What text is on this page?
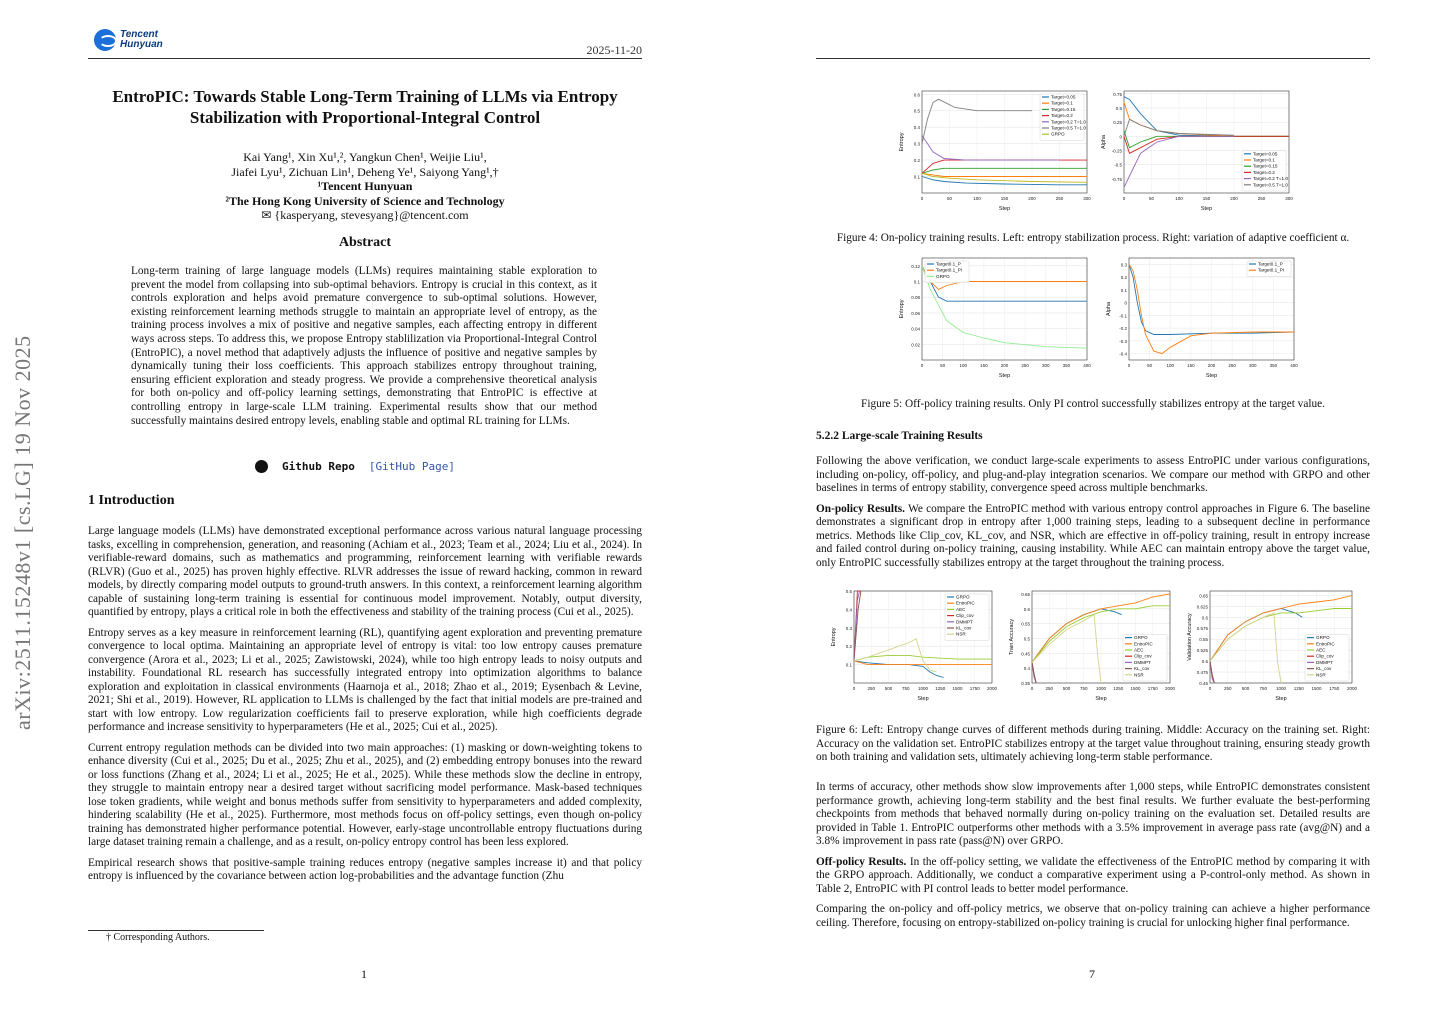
arXiv:2511.15248v1 [cs.LG] 19 Nov 2025
Tencent
Hunyuan	2025-11-20
EntroPIC: Towards Stable Long-Term Training of LLMs via Entropy Stabilization with Proportional-Integral Control
Kai Yang¹, Xin Xu¹,², Yangkun Chen¹, Weijie Liu¹,
Jiafei Lyu¹, Zichuan Lin¹, Deheng Ye¹, Saiyong Yang¹,†
¹Tencent Hunyuan
²The Hong Kong University of Science and Technology
✉ {kasperyang, stevesyang}@tencent.com
Abstract
Long-term training of large language models (LLMs) requires maintaining stable exploration to prevent the model from collapsing into sub-optimal behaviors. Entropy is crucial in this context, as it controls exploration and helps avoid premature convergence to sub-optimal solutions. However, existing reinforcement learning methods struggle to maintain an appropriate level of entropy, as the training process involves a mix of positive and negative samples, each affecting entropy in different ways across steps. To address this, we propose Entropy stablilization via Proportional-Integral Control (EntroPIC), a novel method that adaptively adjusts the influence of positive and negative samples by dynamically tuning their loss coefficients. This approach stabilizes entropy throughout training, ensuring efficient exploration and steady progress. We provide a comprehensive theoretical analysis for both on-policy and off-policy learning settings, demonstrating that EntroPIC is effective at controlling entropy in large-scale LLM training. Experimental results show that our method successfully maintains desired entropy levels, enabling stable and optimal RL training for LLMs.
Github Repo [GitHub Page]
1 Introduction

Large language models (LLMs) have demonstrated exceptional performance across various natural language processing tasks, excelling in comprehension, generation, and reasoning (Achiam et al., 2023; Team et al., 2024; Liu et al., 2024). In verifiable-reward domains, such as mathematics and programming, reinforcement learning with verifiable rewards (RLVR) (Guo et al., 2025) has proven highly effective. RLVR addresses the issue of reward hacking, common in reward models, by directly comparing model outputs to ground-truth answers. In this context, a reinforcement learning algorithm capable of sustaining long-term training is essential for continuous model improvement. Notably, output diversity, quantified by entropy, plays a critical role in both the effectiveness and stability of the training process (Cui et al., 2025).

Entropy serves as a key measure in reinforcement learning (RL), quantifying agent exploration and preventing premature convergence to local optima. Maintaining an appropriate level of entropy is vital: too low entropy causes premature convergence (Arora et al., 2023; Li et al., 2025; Zawistowski, 2024), while too high entropy leads to noisy outputs and instability. Foundational RL research has successfully integrated entropy into optimization algorithms to balance exploration and exploitation in classical environments (Haarnoja et al., 2018; Zhao et al., 2019; Eysenbach & Levine, 2021; Shi et al., 2019). However, RL application to LLMs is challenged by the fact that initial models are pre-trained and start with low entropy. Low regularization coefficients fail to preserve exploration, while high coefficients degrade performance and increase sensitivity to hyperparameters (He et al., 2025; Cui et al., 2025).

Current entropy regulation methods can be divided into two main approaches: (1) masking or down-weighting tokens to enhance diversity (Cui et al., 2025; Du et al., 2025; Zhu et al., 2025), and (2) embedding entropy bonuses into the reward or loss functions (Zhang et al., 2024; Li et al., 2025; He et al., 2025). While these methods slow the decline in entropy, they struggle to maintain entropy near a desired target without sacrificing model performance. Mask-based techniques lose token gradients, while weight and bonus methods suffer from sensitivity to hyperparameters and added complexity, hindering scalability (He et al., 2025). Furthermore, most methods focus on off-policy settings, even though on-policy training has demonstrated higher performance potential. However, early-stage uncontrollable entropy fluctuations during large dataset training remain a challenge, and as a result, on-policy entropy control has been less explored.

Empirical research shows that positive-sample training reduces entropy (negative samples increase it) and that policy entropy is influenced by the covariance between action log-probabilities and the advantage function (Zhu

† Corresponding Authors.
1
0.1
0.2
0.3
0.4
0.5
0.6
0	50	100	150	200	250	300
Step
Entropy
Target=0.05
Target=0.1
Target=0.15
Target=0.2
Target=0.2 T=1.0
Target=0.5 T=1.0
GRPO
0.75
0.5
0.25
0
-0.25
-0.5
-0.75
0	50	100	150	200	250	300
Step
Alpha
Target=0.05
Target=0.1
Target=0.15
Target=0.2
Target=0.2 T=1.0
Target=0.5 T=1.0
Figure 4: On-policy training results. Left: entropy stabilization process. Right: variation of adaptive coefficient α.
0.02
0.04
0.06
0.08
0.1
0.12
0	50	100	150	200	250	300	350	400
Step
Entropy
Target0.1_P
Target0.1_PI
GRPO
0.3
0.2
0.1
0
-0.1
-0.2
-0.3
-0.4
0	50	100	150	200	250	300	350	400
Step
Alpha
Target0.1_P
Target0.1_PI
Figure 5: Off-policy training results. Only PI control successfully stabilizes entropy at the target value.
5.2.2 Large-scale Training Results

Following the above verification, we conduct large-scale experiments to assess EntroPIC under various configurations, including on-policy, off-policy, and plug-and-play integration scenarios. We compare our method with GRPO and other baselines in terms of entropy stability, convergence speed across multiple benchmarks.

On-policy Results. We compare the EntroPIC method with various entropy control approaches in Figure 6. The baseline demonstrates a significant drop in entropy after 1,000 training steps, leading to a subsequent decline in performance metrics. Methods like Clip_cov, KL_cov, and NSR, which are effective in off-policy training, result in entropy increase and failed control during on-policy training, causing instability. While AEC can maintain entropy above the target value, only EntroPIC successfully stabilizes entropy at the target throughout the training process.

0.1
0.2
0.3
0.4
0.5
0	250 500 750 1000 1250 1500 1750 2000
Step
Entropy
GRPO
EntroPIC
AEC
Clip_cov
DMMPT
KL_cov
NSR
0.35
0.4
0.45
0.5
0.55
0.6
0.65
0	250 500 750 1000 1250 1500 1750 2000
Step
Train Accuracy	GRPO
EntroPIC
AEC
Clip_cov
DMMPT
KL_cov
NSR
0.45
0.475
0.5
0.525
0.55
0.575
0.6
0.625
0.65
0	250 500 750 1000 1250 1500 1750 2000
Step
Validation Accuracy	GRPO
EntroPIC
AEC
Clip_cov
DMMPT
KL_cov
NSR
Figure 6: Left: Entropy change curves of different methods during training. Middle: Accuracy on the training set. Right: Accuracy on the validation set. EntroPIC stabilizes entropy at the target value throughout training, ensuring steady growth on both training and validation sets, ultimately achieving long-term stable performance.

In terms of accuracy, other methods show slow improvements after 1,000 steps, while EntroPIC demonstrates consistent performance growth, achieving long-term stability and the best final results. We further evaluate the best-performing checkpoints from methods that behaved normally during on-policy training on the evaluation set. Detailed results are provided in Table 1. EntroPIC outperforms other methods with a 3.5% improvement in average pass rate (avg@N) and a 3.8% improvement in pass rate (pass@N) over GRPO.

Off-policy Results. In the off-policy setting, we validate the effectiveness of the EntroPIC method by comparing it with the GRPO approach. Additionally, we conduct a comparative experiment using a P-control-only method. As shown in Table 2, EntroPIC with PI control leads to better model performance.

Comparing the on-policy and off-policy metrics, we observe that on-policy training can achieve a higher performance ceiling. Therefore, focusing on entropy-stabilized on-policy training is crucial for unlocking higher final performance.

7
